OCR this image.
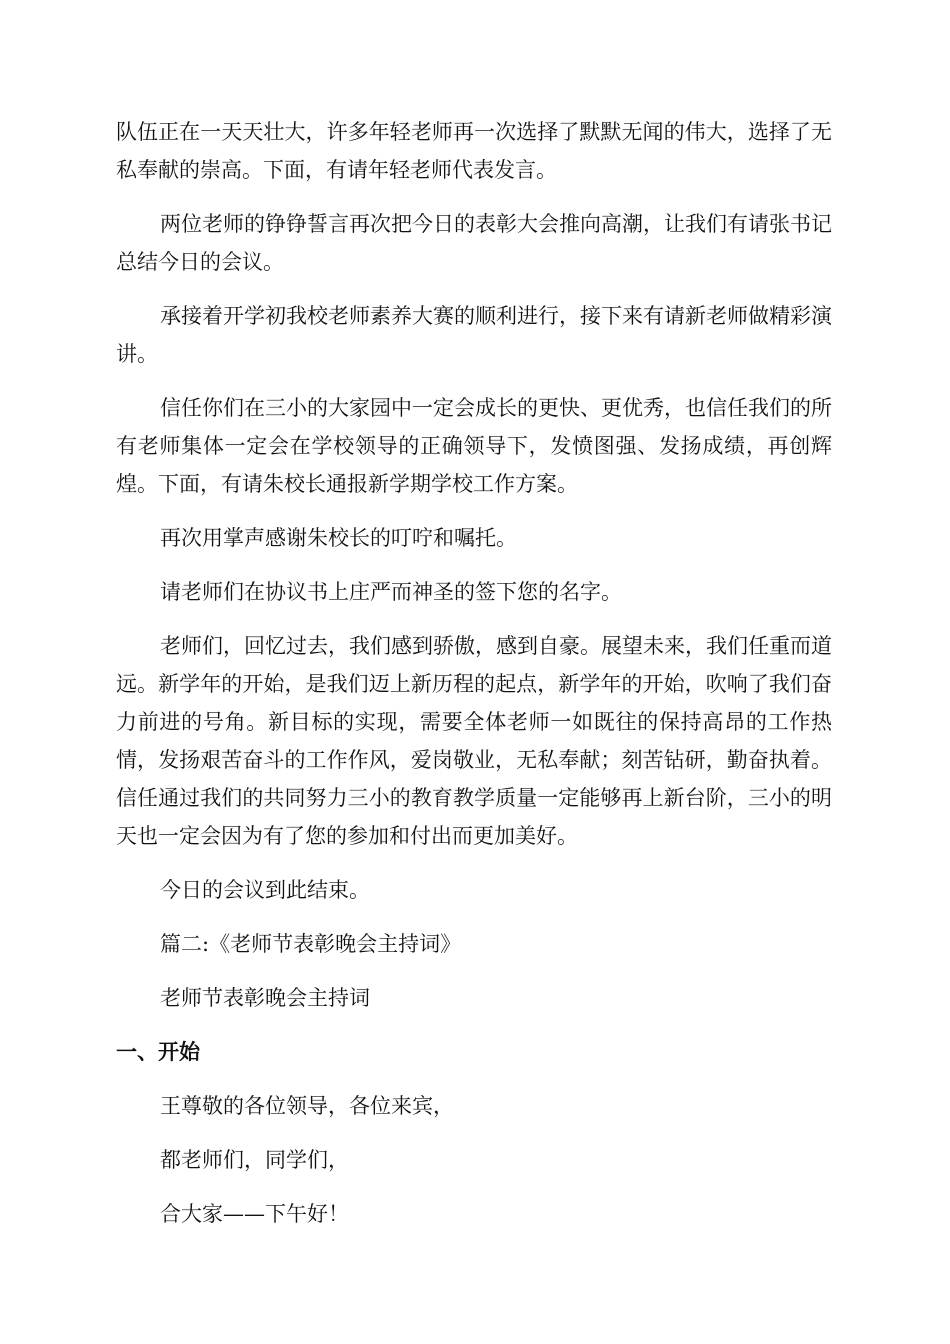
队伍正在一天天壮大，许多年轻老师再一次选择了默默无闻的伟大，选择了无私奉献的崇高。下面，有请年轻老师代表发言。

两位老师的铮铮誓言再次把今日的表彰大会推向高潮，让我们有请张书记总结今日的会议。

承接着开学初我校老师素养大赛的顺利进行，接下来有请新老师做精彩演讲。

信任你们在三小的大家园中一定会成长的更快、更优秀，也信任我们的所有老师集体一定会在学校领导的正确领导下，发愤图强、发扬成绩，再创辉煌。下面，有请朱校长通报新学期学校工作方案。

再次用掌声感谢朱校长的叮咛和嘱托。

请老师们在协议书上庄严而神圣的签下您的名字。

老师们，回忆过去，我们感到骄傲，感到自豪。展望未来，我们任重而道远。新学年的开始，是我们迈上新历程的起点，新学年的开始，吹响了我们奋力前进的号角。新目标的实现，需要全体老师一如既往的保持高昂的工作热情，发扬艰苦奋斗的工作作风，爱岗敬业，无私奉献；刻苦钻研，勤奋执着。信任通过我们的共同努力三小的教育教学质量一定能够再上新台阶，三小的明天也一定会因为有了您的参加和付出而更加美好。

今日的会议到此结束。

篇二:《老师节表彰晚会主持词》

老师节表彰晚会主持词

一、开始

王尊敬的各位领导，各位来宾，

都老师们，同学们，

合大家——下午好！
